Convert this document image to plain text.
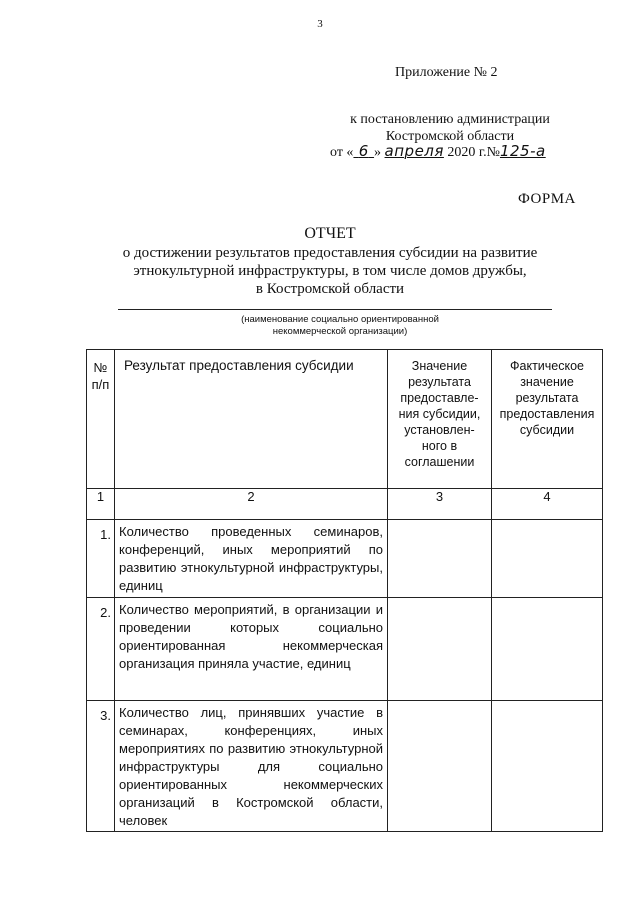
3
Приложение № 2
к постановлению администрации
Костромской области
от « 6 » апреля 2020 г.№125-а
ФОРМА
ОТЧЕТ
о достижении результатов предоставления субсидии на развитие
этнокультурной инфраструктуры, в том числе домов дружбы,
в Костромской области
(наименование социально ориентированной
некоммерческой организации)
№ п/п	Результат предоставления субсидии	Значение результата предоставле-ния субсидии, установлен-ного в соглашении	Фактическое значение результата предоставления субсидии

1	2	3	4
1.	Количество проведенных семинаров, конференций, иных мероприятий по развитию этнокультурной инфраструктуры, единиц		
2.	Количество мероприятий, в организации и проведении которых социально ориентированная некоммерческая организация приняла участие, единиц		
3.	Количество лиц, принявших участие в семинарах, конференциях, иных мероприятиях по развитию этнокультурной инфраструктуры для социально ориентированных некоммерческих организаций в Костромской области, человек		
